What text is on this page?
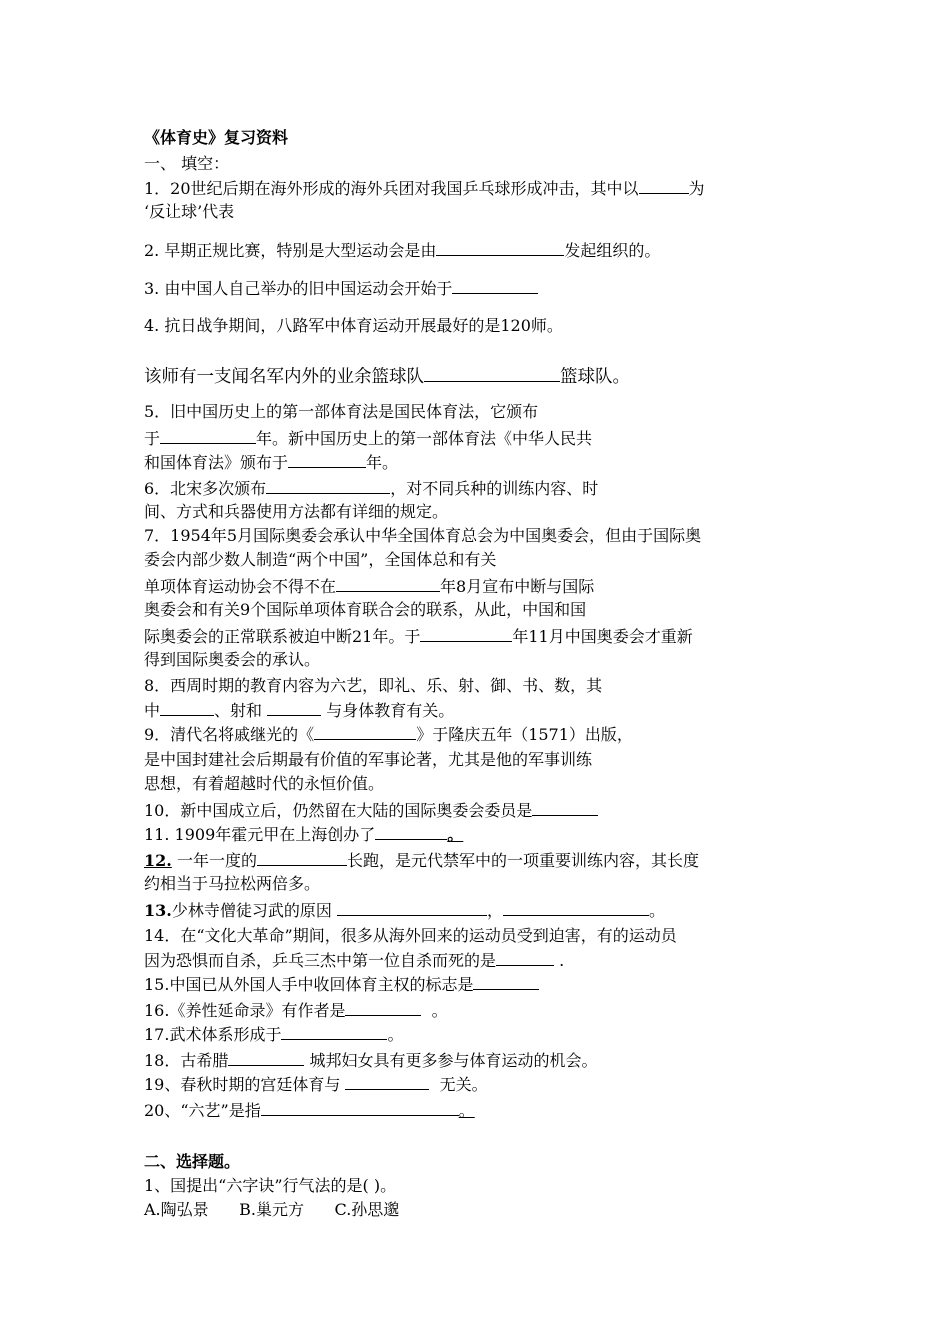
《体育史》复习资料
一、 填空：
1．20世纪后期在海外形成的海外兵团对我国乒乓球形成冲击，其中以	为
‘反让球’代表
2. 早期正规比赛，特别是大型运动会是由	发起组织的。
3. 由中国人自己举办的旧中国运动会开始于
4. 抗日战争期间，八路军中体育运动开展最好的是120师。
该师有一支闻名军内外的业余篮球队	篮球队。
5．旧中国历史上的第一部体育法是国民体育法，它颁布
于	年。新中国历史上的第一部体育法《中华人民共
和国体育法》颁布于	年。
6．北宋多次颁布	，对不同兵种的训练内容、时
间、方式和兵器使用方法都有详细的规定。
7．1954年5月国际奥委会承认中华全国体育总会为中国奥委会，但由于国际奥
委会内部少数人制造“两个中国”，全国体总和有关
单项体育运动协会不得不在	年8月宣布中断与国际
奥委会和有关9个国际单项体育联合会的联系，从此，中国和国
际奥委会的正常联系被迫中断21年。于	年11月中国奥委会才重新
得到国际奥委会的承认。
8．西周时期的教育内容为六艺，即礼、乐、射、御、书、数，其
中	、射和	与身体教育有关。
9．清代名将戚继光的《	》于隆庆五年（1571）出版，
是中国封建社会后期最有价值的军事论著，尤其是他的军事训练
思想，有着超越时代的永恒价值。
10．新中国成立后，仍然留在大陆的国际奥委会委员是
11. 1909年霍元甲在上海创办了	。
12. 一年一度的	长跑，是元代禁军中的一项重要训练内容，其长度
约相当于马拉松两倍多。
13.少林寺僧徒习武的原因	，	。
14．在“文化大革命”期间，很多从海外回来的运动员受到迫害，有的运动员
因为恐惧而自杀，乒乓三杰中第一位自杀而死的是	.
15.中国已从外国人手中收回体育主权的标志是
16.《养性延命录》有作者是	。
17.武术体系形成于	。
18．古希腊	城邦妇女具有更多参与体育运动的机会。
19、春秋时期的宫廷体育与	无关。
20、“六艺”是指	。
二、选择题。
1、国提出“六字诀”行气法的是( )。
A.陶弘景      B.巢元方      C.孙思邈
